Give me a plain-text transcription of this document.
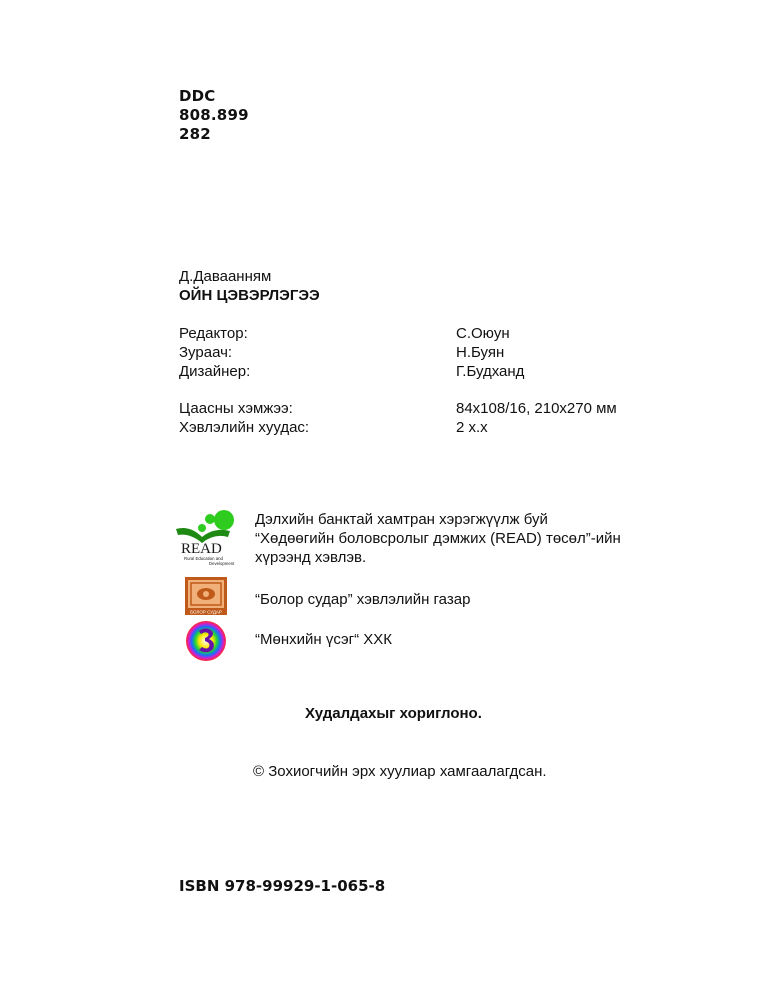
DDC
808.899
282
Д.Даваанням
ОЙН ЦЭВЭРЛЭГЭЭ
Редактор:	С.Оюун
Зураач:	Н.Буян
Дизайнер:	Г.Будханд
Цаасны хэмжээ:	84x108/16, 210x270 мм
Хэвлэлийн хуудас:	2 х.х
READ
Rural Education and
Development
Дэлхийн банктай хамтран хэрэгжүүлж буй
“Хөдөөгийн боловсролыг дэмжих (READ) төсөл”-ийн
хүрээнд хэвлэв.
БОЛОР СУДАР
“Болор судар” хэвлэлийн газар
“Мөнхийн үсэг“ ХХК
Худалдахыг хориглоно.
© Зохиогчийн эрх хуулиар хамгаалагдсан.
ISBN 978-99929-1-065-8
